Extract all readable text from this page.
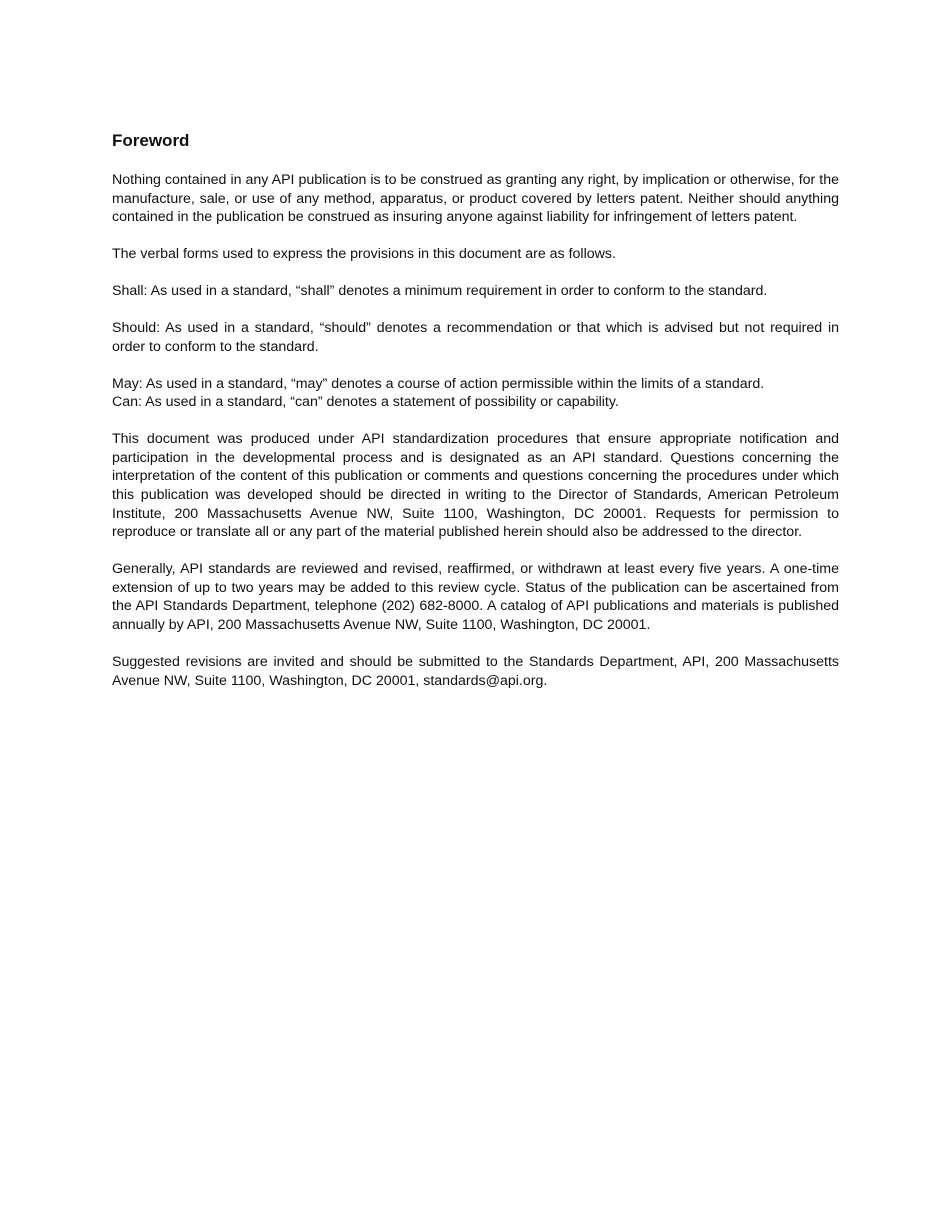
Foreword

Nothing contained in any API publication is to be construed as granting any right, by implication or otherwise, for the manufacture, sale, or use of any method, apparatus, or product covered by letters patent. Neither should anything contained in the publication be construed as insuring anyone against liability for infringement of letters patent.

The verbal forms used to express the provisions in this document are as follows.

Shall: As used in a standard, “shall” denotes a minimum requirement in order to conform to the standard.

Should: As used in a standard, “should” denotes a recommendation or that which is advised but not required in order to conform to the standard.

May: As used in a standard, “may” denotes a course of action permissible within the limits of a standard.
Can: As used in a standard, “can” denotes a statement of possibility or capability.

This document was produced under API standardization procedures that ensure appropriate notification and participation in the developmental process and is designated as an API standard. Questions concerning the interpretation of the content of this publication or comments and questions concerning the procedures under which this publication was developed should be directed in writing to the Director of Standards, American Petroleum Institute, 200 Massachusetts Avenue NW, Suite 1100, Washington, DC 20001. Requests for permission to reproduce or translate all or any part of the material published herein should also be addressed to the director.

Generally, API standards are reviewed and revised, reaffirmed, or withdrawn at least every five years. A one-time extension of up to two years may be added to this review cycle. Status of the publication can be ascertained from the API Standards Department, telephone (202) 682-8000. A catalog of API publications and materials is published annually by API, 200 Massachusetts Avenue NW, Suite 1100, Washington, DC 20001.

Suggested revisions are invited and should be submitted to the Standards Department, API, 200 Massachusetts Avenue NW, Suite 1100, Washington, DC 20001, standards@api.org.
